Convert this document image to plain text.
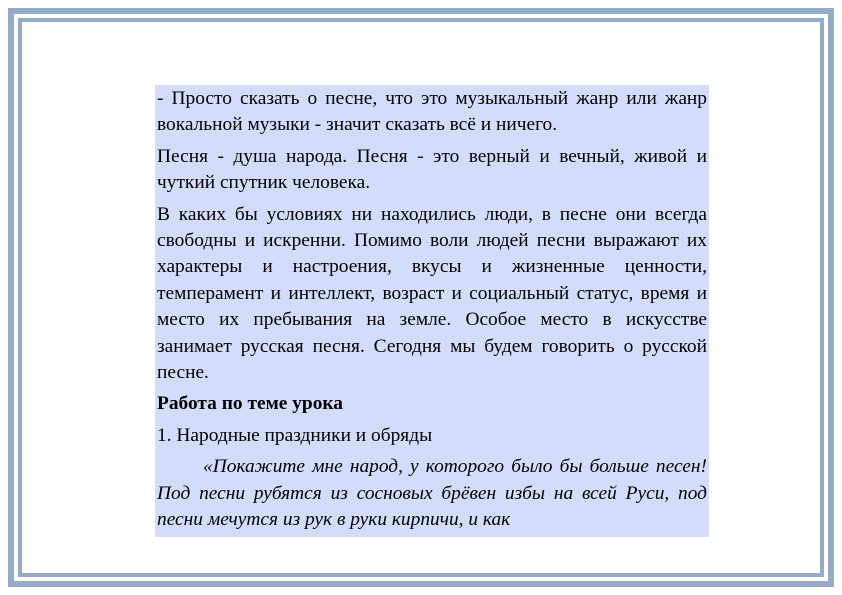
- Просто сказать о песне, что это музыкальный жанр или жанр вокальной музыки - значит сказать всё и ничего.

Песня - душа народа. Песня - это верный и вечный, живой и чуткий спутник человека.

В каких бы условиях ни находились люди, в песне они всегда свободны и искренни. Помимо воли людей песни выражают их характеры и настроения, вкусы и жизненные ценности, темперамент и интеллект, возраст и социальный статус, время и место их пребывания на земле. Особое место в искусстве занимает русская песня. Сегодня мы будем говорить о русской песне.

Работа по теме урока

1. Народные праздники и обряды

«Покажите мне народ, у которого было бы больше песен! Под песни рубятся из сосновых брёвен избы на всей Руси, под песни мечутся из рук в руки кирпичи, и как
